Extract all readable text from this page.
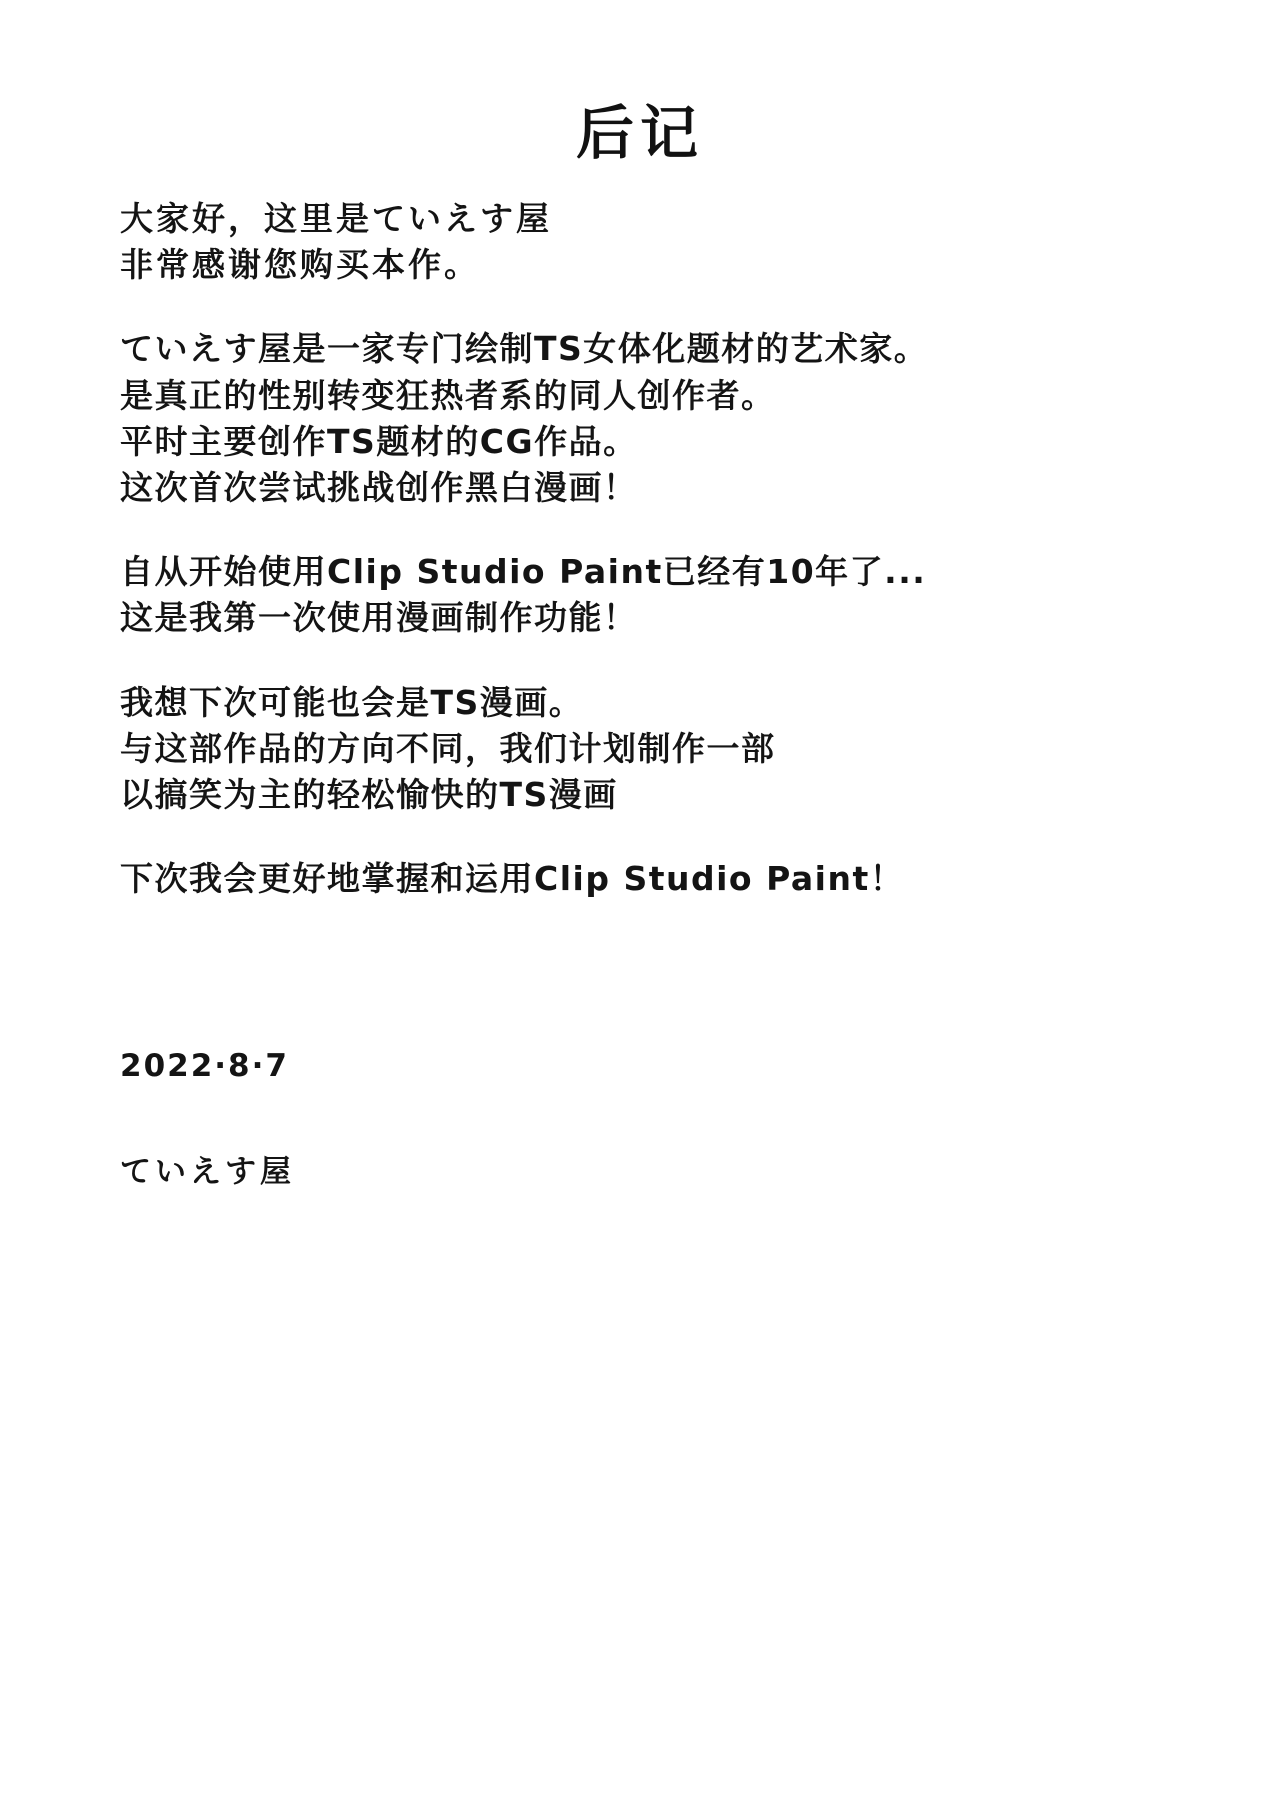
后记
大家好，这里是ていえす屋
非常感谢您购买本作。
ていえす屋是一家专门绘制TS女体化题材的艺术家。
是真正的性别转变狂热者系的同人创作者。
平时主要创作TS题材的CG作品。
这次首次尝试挑战创作黑白漫画！
自从开始使用Clip Studio Paint已经有10年了...
这是我第一次使用漫画制作功能！
我想下次可能也会是TS漫画。
与这部作品的方向不同，我们计划制作一部
以搞笑为主的轻松愉快的TS漫画
下次我会更好地掌握和运用Clip Studio Paint！
2022·8·7
ていえす屋
